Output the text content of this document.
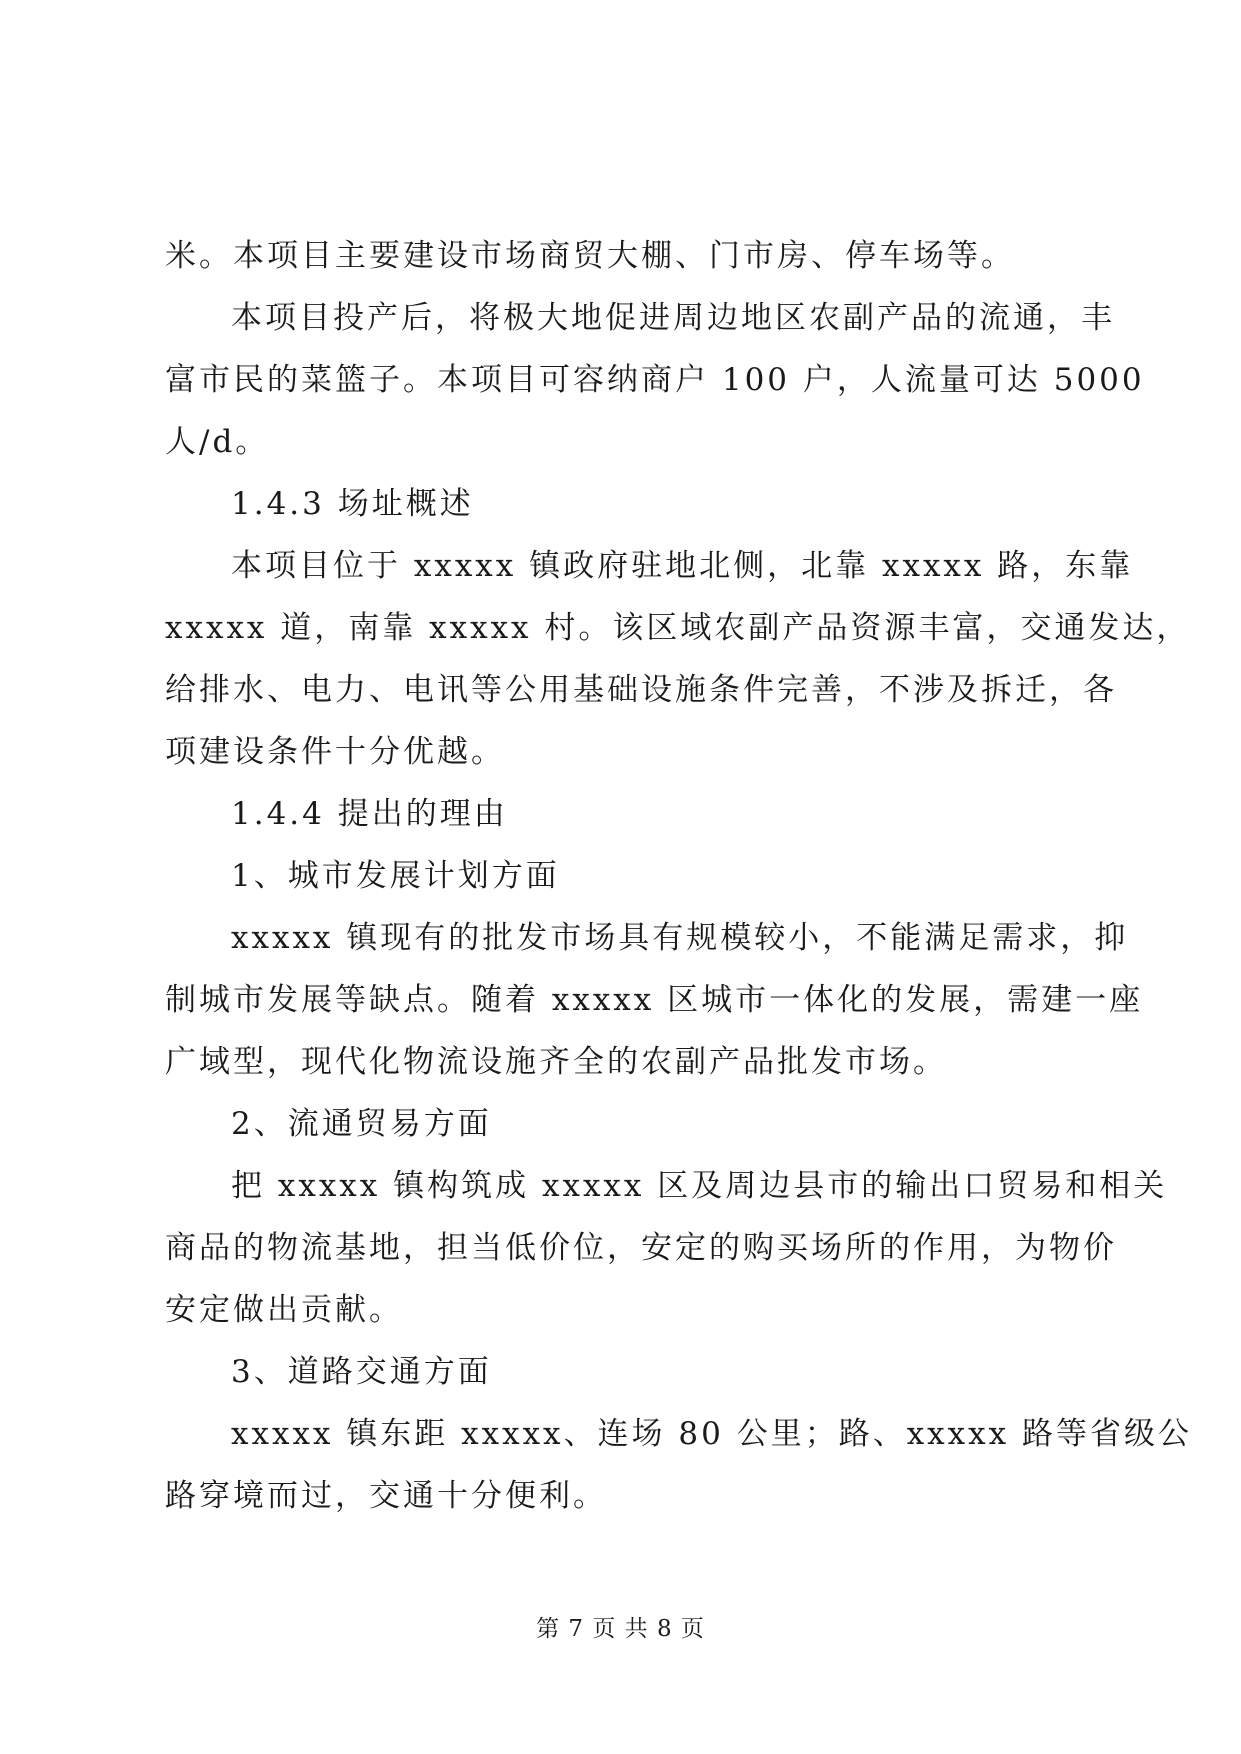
米。本项目主要建设市场商贸大棚、门市房、停车场等。
本项目投产后，将极大地促进周边地区农副产品的流通，丰
富市民的菜篮子。本项目可容纳商户 100 户，人流量可达 5000
人/d。
1.4.3 场址概述
本项目位于 xxxxx 镇政府驻地北侧，北靠 xxxxx 路，东靠
xxxxx 道，南靠 xxxxx 村。该区域农副产品资源丰富，交通发达，
给排水、电力、电讯等公用基础设施条件完善，不涉及拆迁，各
项建设条件十分优越。
1.4.4 提出的理由
1、城市发展计划方面
xxxxx 镇现有的批发市场具有规模较小，不能满足需求，抑
制城市发展等缺点。随着 xxxxx 区城市一体化的发展，需建一座
广域型，现代化物流设施齐全的农副产品批发市场。
2、流通贸易方面
把 xxxxx 镇构筑成 xxxxx 区及周边县市的输出口贸易和相关
商品的物流基地，担当低价位，安定的购买场所的作用，为物价
安定做出贡献。
3、道路交通方面
xxxxx 镇东距 xxxxx、连场 80 公里；路、xxxxx 路等省级公
路穿境而过，交通十分便利。
第 7 页 共 8 页
